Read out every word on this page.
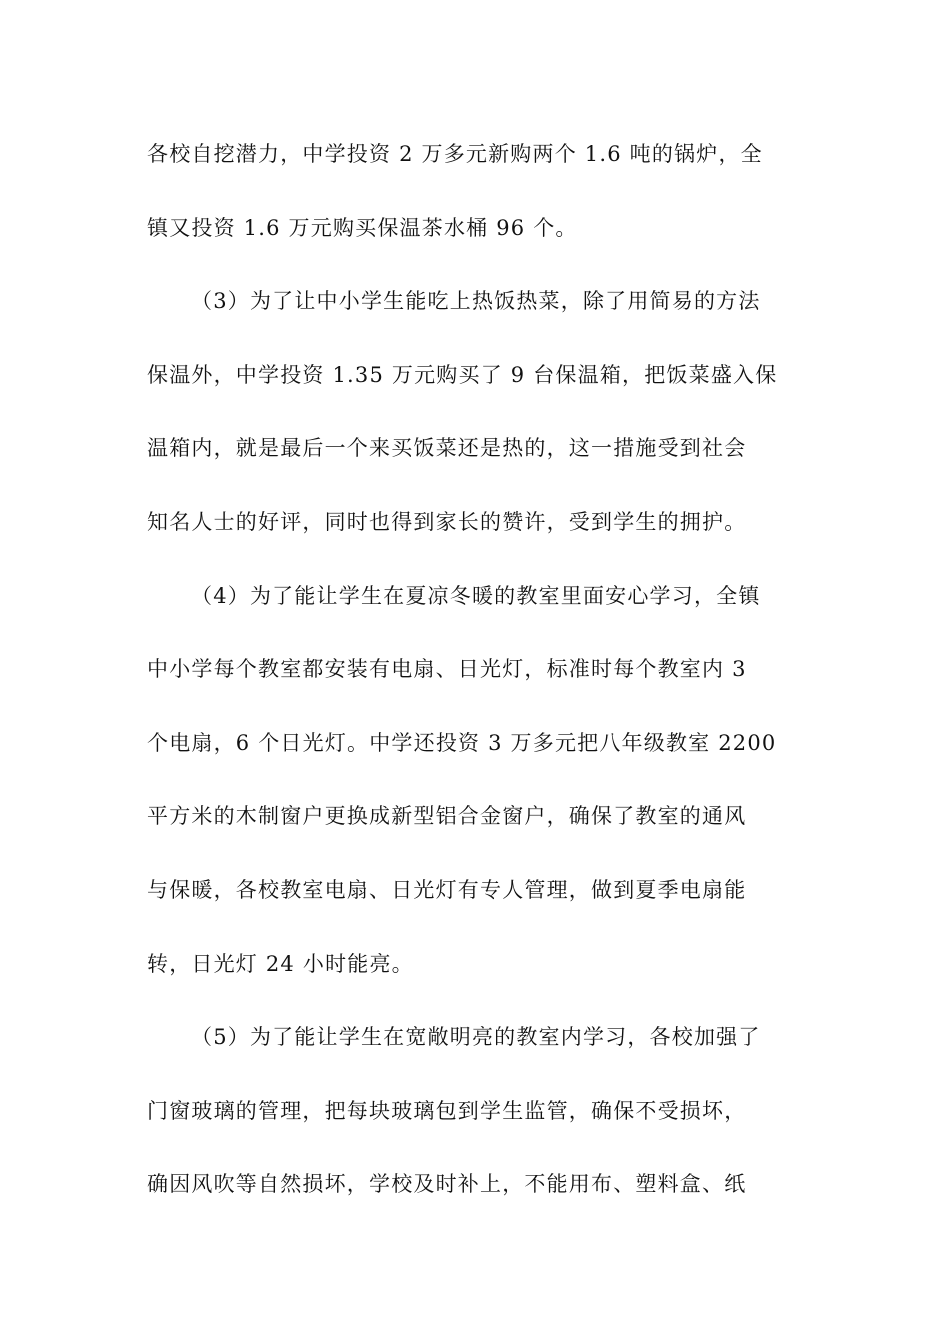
各校自挖潜力，中学投资 2 万多元新购两个 1.6 吨的锅炉，全
镇又投资 1.6 万元购买保温茶水桶 96 个。
（3）为了让中小学生能吃上热饭热菜，除了用简易的方法
保温外，中学投资 1.35 万元购买了 9 台保温箱，把饭菜盛入保
温箱内，就是最后一个来买饭菜还是热的，这一措施受到社会
知名人士的好评，同时也得到家长的赞许，受到学生的拥护。
（4）为了能让学生在夏凉冬暖的教室里面安心学习，全镇
中小学每个教室都安装有电扇、日光灯，标准时每个教室内 3
个电扇，6 个日光灯。中学还投资 3 万多元把八年级教室 2200
平方米的木制窗户更换成新型铝合金窗户，确保了教室的通风
与保暖，各校教室电扇、日光灯有专人管理，做到夏季电扇能
转，日光灯 24 小时能亮。
（5）为了能让学生在宽敞明亮的教室内学习，各校加强了
门窗玻璃的管理，把每块玻璃包到学生监管，确保不受损坏，
确因风吹等自然损坏，学校及时补上，不能用布、塑料盒、纸
